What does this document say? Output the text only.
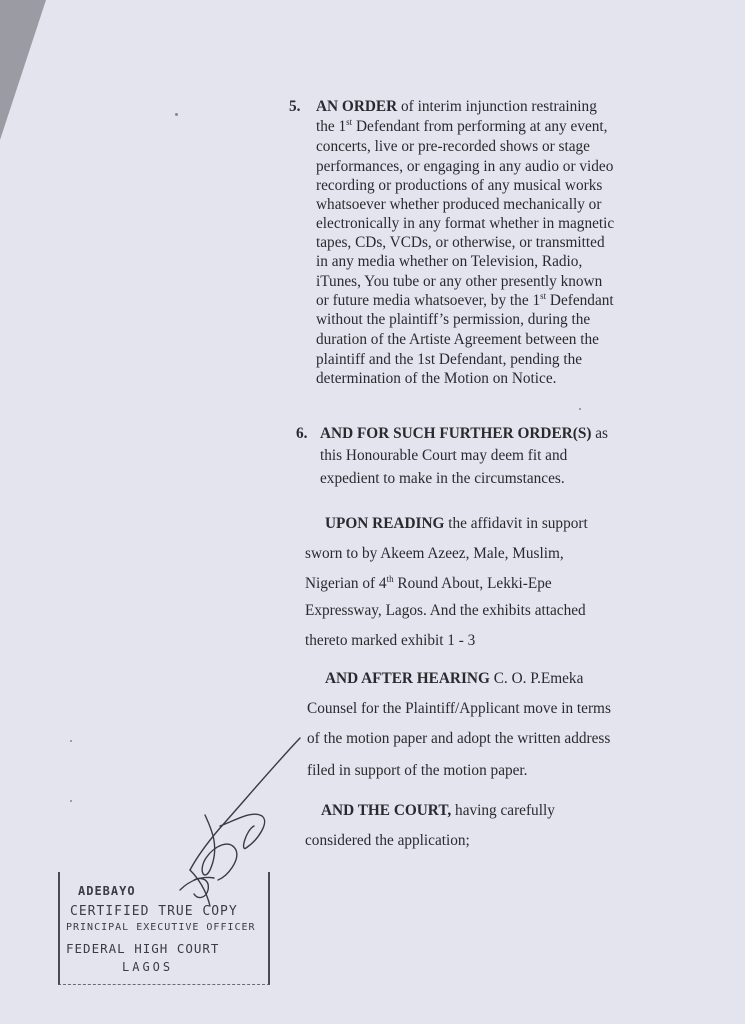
5. AN ORDER of interim injunction restraining
the 1st Defendant from performing at any event,
concerts, live or pre-recorded shows or stage
performances, or engaging in any audio or video
recording or productions of any musical works
whatsoever whether produced mechanically or
electronically in any format whether in magnetic
tapes, CDs, VCDs, or otherwise, or transmitted
in any media whether on Television, Radio,
iTunes, You tube or any other presently known
or future media whatsoever, by the 1st Defendant
without the plaintiff’s permission, during the
duration of the Artiste Agreement between the
plaintiff and the 1st Defendant, pending the
determination of the Motion on Notice.
6. AND FOR SUCH FURTHER ORDER(S) as
this Honourable Court may deem fit and
expedient to make in the circumstances.
UPON READING the affidavit in support
sworn to by Akeem Azeez, Male, Muslim,
Nigerian of 4th Round About, Lekki-Epe
Expressway, Lagos. And the exhibits attached
thereto marked exhibit 1 - 3
AND AFTER HEARING C. O. P.Emeka
Counsel for the Plaintiff/Applicant move in terms
of the motion paper and adopt the written address
filed in support of the motion paper.
AND THE COURT, having carefully
considered the application;
ADEBAYO
CERTIFIED TRUE COPY
PRINCIPAL EXECUTIVE OFFICER
FEDERAL HIGH COURT
LAGOS
